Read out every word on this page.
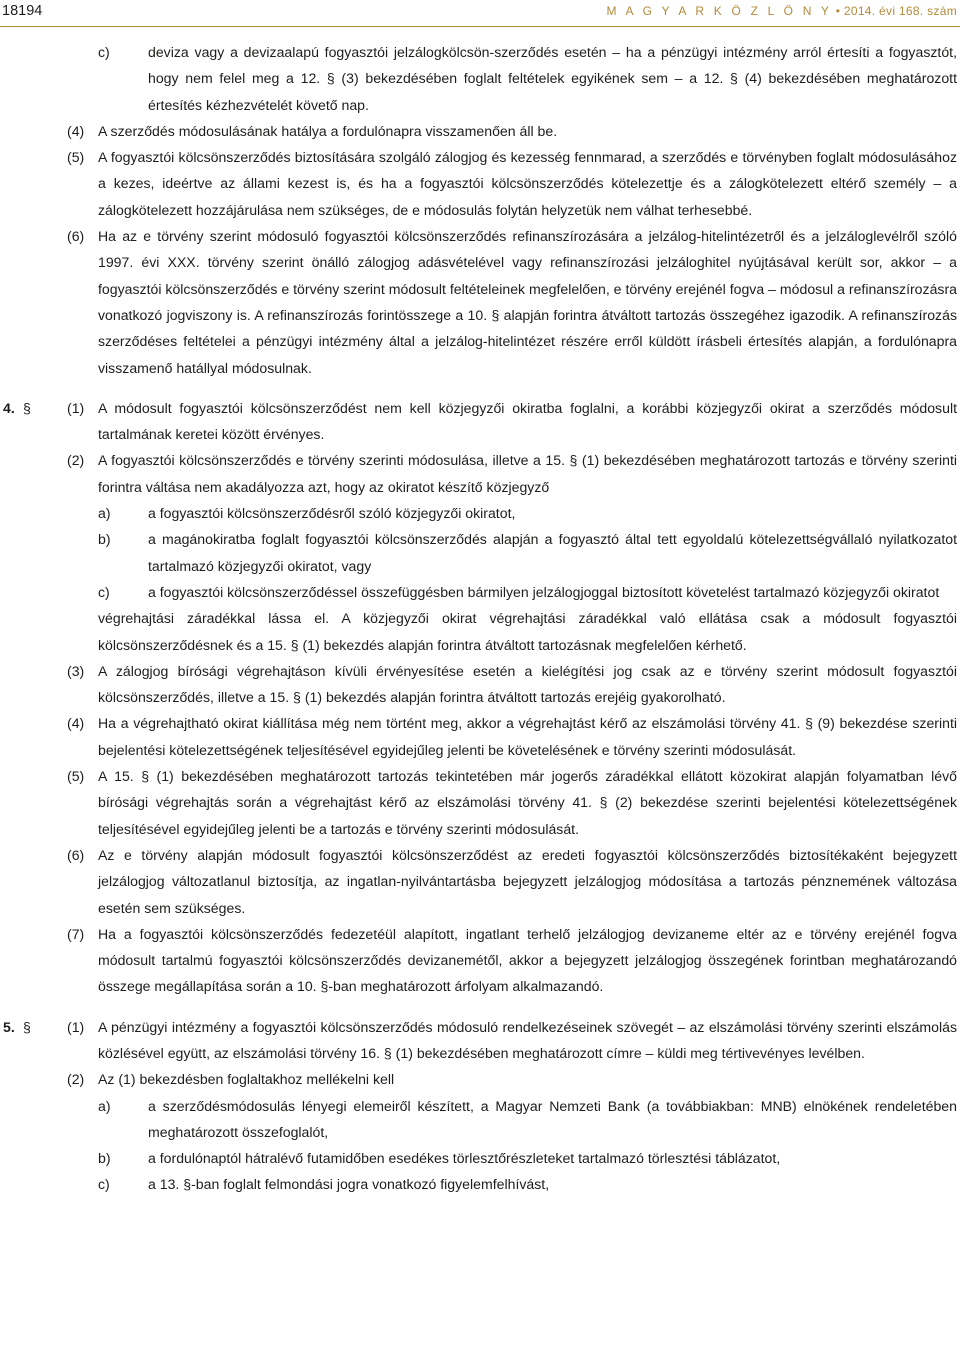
18194	M A G Y A R K Ö Z L Ö N Y • 2014. évi 168. szám
c)	deviza vagy a devizaalapú fogyasztói jelzálogkölcsön-szerződés esetén – ha a pénzügyi intézmény arról értesíti a fogyasztót, hogy nem felel meg a 12. § (3) bekezdésében foglalt feltételek egyikének sem – a 12. § (4) bekezdésében meghatározott értesítés kézhezvételét követő nap.

(4) A szerződés módosulásának hatálya a fordulónapra visszamenően áll be.

(5) A fogyasztói kölcsönszerződés biztosítására szolgáló zálogjog és kezesség fennmarad, a szerződés e törvényben foglalt módosulásához a kezes, ideértve az állami kezest is, és ha a fogyasztói kölcsönszerződés kötelezettje és a zálogkötelezett eltérő személy – a zálogkötelezett hozzájárulása nem szükséges, de e módosulás folytán helyzetük nem válhat terhesebbé.

(6) Ha az e törvény szerint módosuló fogyasztói kölcsönszerződés refinanszírozására a jelzálog-hitelintézetről és a jelzáloglevélről szóló 1997. évi XXX. törvény szerint önálló zálogjog adásvételével vagy refinanszírozási jelzáloghitel nyújtásával került sor, akkor – a fogyasztói kölcsönszerződés e törvény szerint módosult feltételeinek megfelelően, e törvény erejénél fogva – módosul a refinanszírozásra vonatkozó jogviszony is. A refinanszírozás forintösszege a 10. § alapján forintra átváltott tartozás összegéhez igazodik. A refinanszírozás szerződéses feltételei a pénzügyi intézmény által a jelzálog-hitelintézet részére erről küldött írásbeli értesítés alapján, a fordulónapra visszamenő hatállyal módosulnak.

4. §	(1) A módosult fogyasztói kölcsönszerződést nem kell közjegyzői okiratba foglalni, a korábbi közjegyzői okirat a szerződés módosult tartalmának keretei között érvényes.

(2) A fogyasztói kölcsönszerződés e törvény szerinti módosulása, illetve a 15. § (1) bekezdésében meghatározott tartozás e törvény szerinti forintra váltása nem akadályozza azt, hogy az okiratot készítő közjegyző

a)	a fogyasztói kölcsönszerződésről szóló közjegyzői okiratot,

b)	a magánokiratba foglalt fogyasztói kölcsönszerződés alapján a fogyasztó által tett egyoldalú kötelezettségvállaló nyilatkozatot tartalmazó közjegyzői okiratot, vagy

c)	a fogyasztói kölcsönszerződéssel összefüggésben bármilyen jelzálogjoggal biztosított követelést tartalmazó közjegyzői okiratot

végrehajtási záradékkal lássa el. A közjegyzői okirat végrehajtási záradékkal való ellátása csak a módosult fogyasztói kölcsönszerződésnek és a 15. § (1) bekezdés alapján forintra átváltott tartozásnak megfelelően kérhető.

(3) A zálogjog bírósági végrehajtáson kívüli érvényesítése esetén a kielégítési jog csak az e törvény szerint módosult fogyasztói kölcsönszerződés, illetve a 15. § (1) bekezdés alapján forintra átváltott tartozás erejéig gyakorolható.

(4) Ha a végrehajtható okirat kiállítása még nem történt meg, akkor a végrehajtást kérő az elszámolási törvény 41. § (9) bekezdése szerinti bejelentési kötelezettségének teljesítésével egyidejűleg jelenti be követelésének e törvény szerinti módosulását.

(5) A 15. § (1) bekezdésében meghatározott tartozás tekintetében már jogerős záradékkal ellátott közokirat alapján folyamatban lévő bírósági végrehajtás során a végrehajtást kérő az elszámolási törvény 41. § (2) bekezdése szerinti bejelentési kötelezettségének teljesítésével egyidejűleg jelenti be a tartozás e törvény szerinti módosulását.

(6) Az e törvény alapján módosult fogyasztói kölcsönszerződést az eredeti fogyasztói kölcsönszerződés biztosítékaként bejegyzett jelzálogjog változatlanul biztosítja, az ingatlan-nyilvántartásba bejegyzett jelzálogjog módosítása a tartozás pénznemének változása esetén sem szükséges.

(7) Ha a fogyasztói kölcsönszerződés fedezetéül alapított, ingatlant terhelő jelzálogjog devizaneme eltér az e törvény erejénél fogva módosult tartalmú fogyasztói kölcsönszerződés devizanemétől, akkor a bejegyzett jelzálogjog összegének forintban meghatározandó összege megállapítása során a 10. §-ban meghatározott árfolyam alkalmazandó.

5. §	(1) A pénzügyi intézmény a fogyasztói kölcsönszerződés módosuló rendelkezéseinek szövegét – az elszámolási törvény szerinti elszámolás közlésével együtt, az elszámolási törvény 16. § (1) bekezdésében meghatározott címre – küldi meg tértivevényes levélben.

(2) Az (1) bekezdésben foglaltakhoz mellékelni kell

a)	a szerződésmódosulás lényegi elemeiről készített, a Magyar Nemzeti Bank (a továbbiakban: MNB) elnökének rendeletében meghatározott összefoglalót,

b)	a fordulónaptól hátralévő futamidőben esedékes törlesztőrészleteket tartalmazó törlesztési táblázatot,

c)	a 13. §-ban foglalt felmondási jogra vonatkozó figyelemfelhívást,
